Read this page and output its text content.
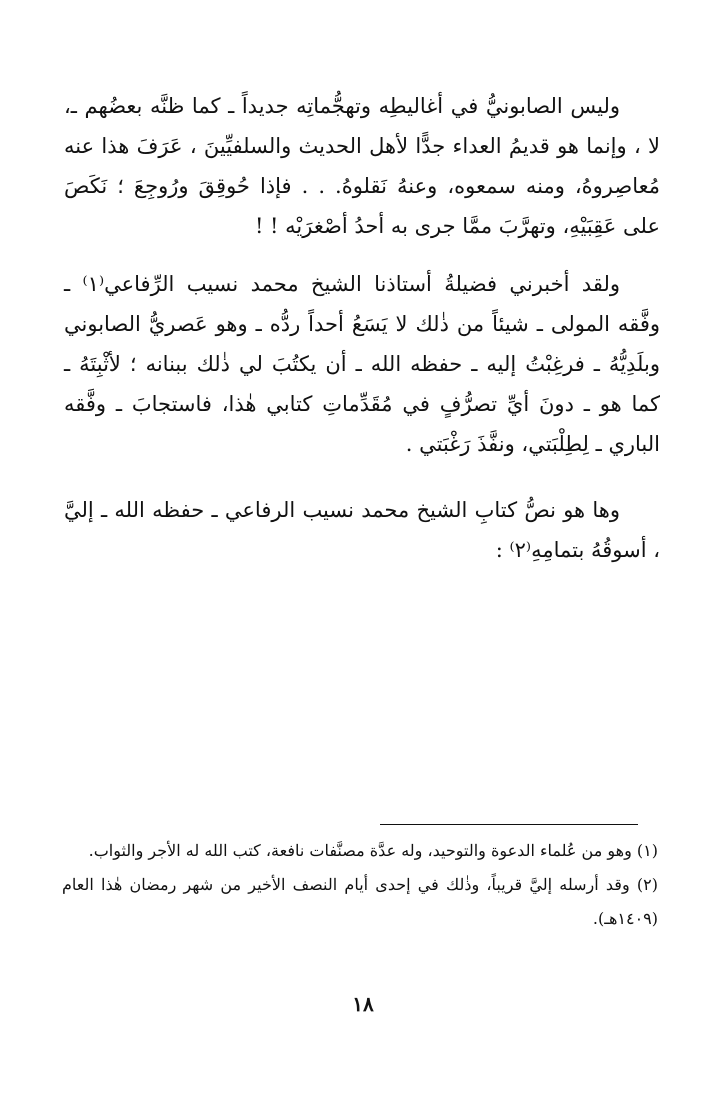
وليس الصابونيُّ في أغاليطِه وتهجُّماتِه جديداً ـ كما ظنَّه بعضُهم ـ، لا ، وإنما هو قديمُ العداء جدًّا لأهل الحديث والسلفيِّينَ ، عَرَفَ هذا عنه مُعاصِروهُ، ومنه سمعوه، وعنهُ نَقلوهُ. . . فإذا حُوقِقَ ورُوجِعَ ؛ نَكَصَ على عَقِبَيْهِ، وتهرَّبَ ممَّا جرى به أحدُ أصْغرَيْه ! !

ولقد أخبرني فضيلةُ أستاذنا الشيخ محمد نسيب الرِّفاعي⁽١⁾ ـ وفَّقه المولى ـ شيئاً من ذٰلك لا يَسَعُ أحداً ردُّه ـ وهو عَصريُّ الصابوني وبلَدِيُّهُ ـ فرغِبْتُ إليه ـ حفظه الله ـ أن يكتُبَ لي ذٰلك ببنانه ؛ لأثْبِتَهُ ـ كما هو ـ دونَ أيِّ تصرُّفٍ في مُقَدِّماتِ كتابي هٰذا، فاستجابَ ـ وفَّقه الباري ـ لِطِلْبَتي، ونفَّذَ رَغْبَتي .

وها هو نصُّ كتابِ الشيخ محمد نسيب الرفاعي ـ حفظه الله ـ إليَّ ، أسوقُهُ بتمامِهِ⁽٢⁾ :

(١) وهو من عُلماء الدعوة والتوحيد، وله عدَّة مصنَّفات نافعة، كتب الله له الأجر والثواب.

(٢) وقد أرسله إليَّ قريباً، وذٰلك في إحدى أيام النصف الأخير من شهر رمضان هٰذا العام (١٤٠٩هـ).

١٨
